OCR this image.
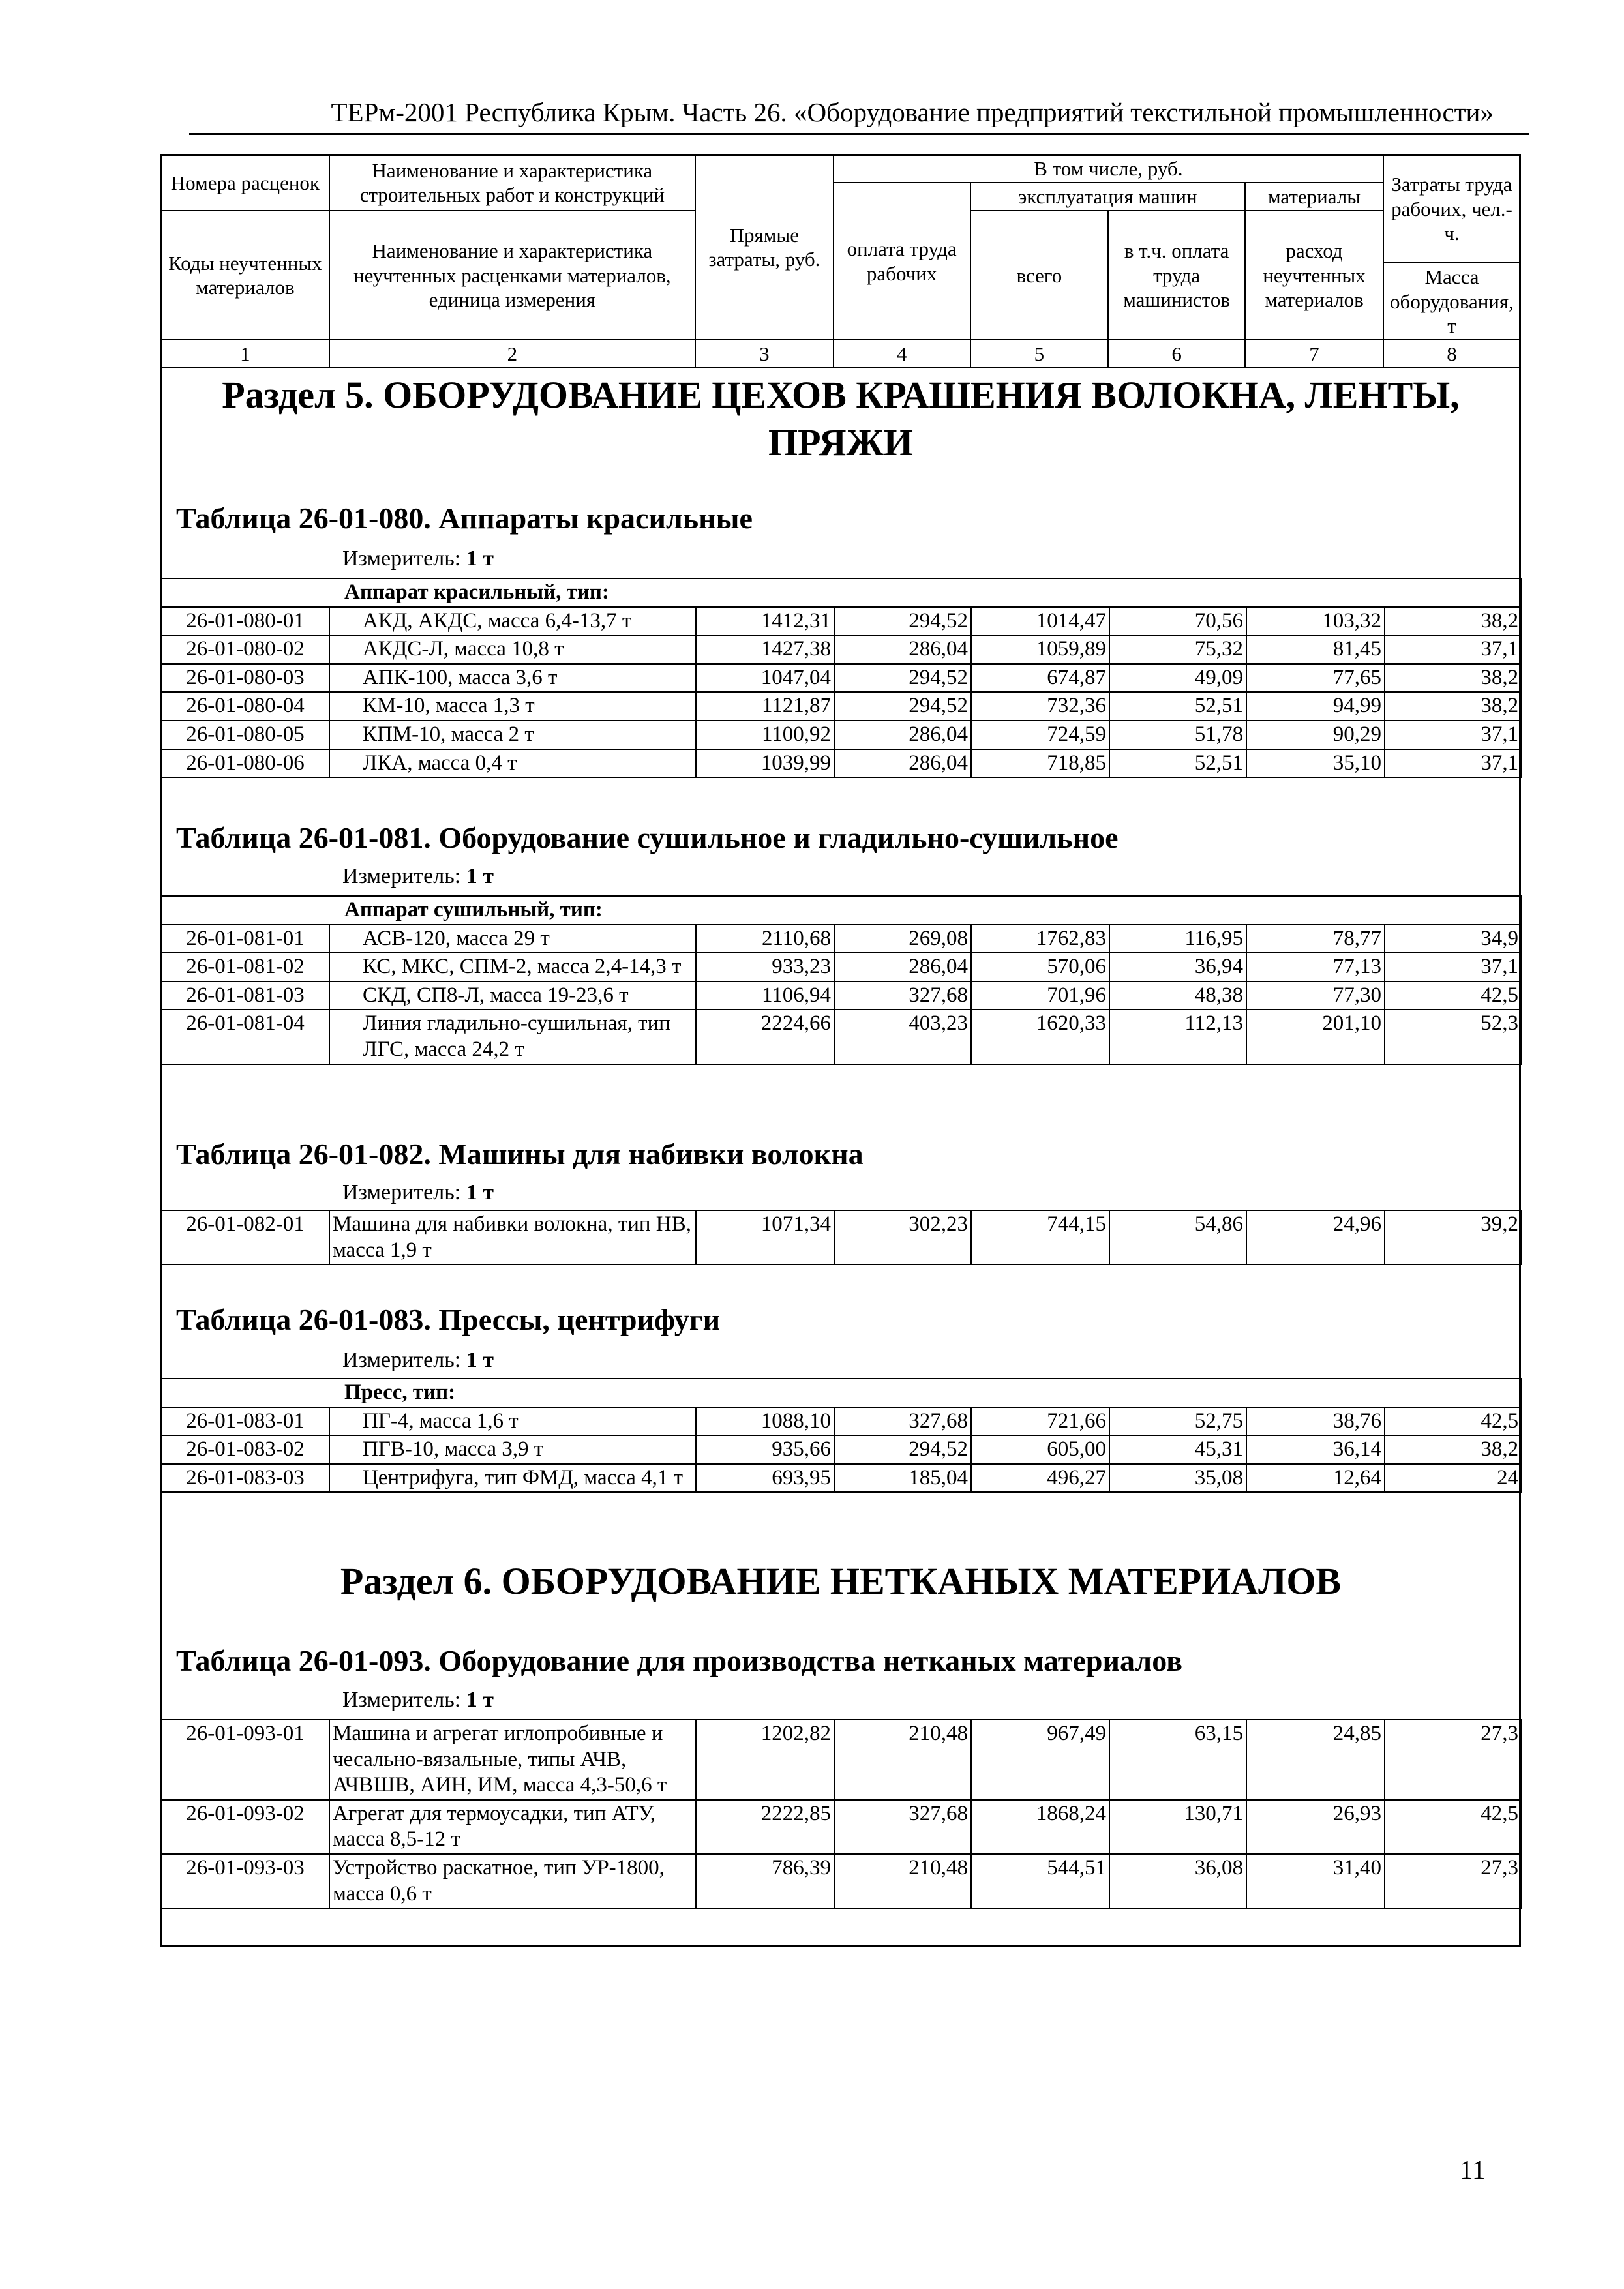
ТЕРм-2001 Республика Крым. Часть 26. «Оборудование предприятий текстильной промышленности»
Номера расценок	Наименование и характеристика строительных работ и конструкций	Прямые затраты, руб.	В том числе, руб.				Затраты труда рабочих, чел.-ч.
			оплата труда рабочих	эксплуатация машин		материалы	
Коды неучтенных материалов	Наименование и характеристика неучтенных расценками материалов, единица измерения			всего	в т.ч. оплата труда машинистов	расход неучтенных материалов	

							Масса оборудования, т
1	2	3	4	5	6	7	8
Раздел 5. ОБОРУДОВАНИЕ ЦЕХОВ КРАШЕНИЯ ВОЛОКНА, ЛЕНТЫ, ПРЯЖИ
Таблица 26-01-080. Аппараты красильные
Измеритель: 1 т
Аппарат красильный, тип:							
26-01-080-01	АКД, АКДС, масса 6,4-13,7 т	1412,31	294,52	1014,47	70,56	103,32	38,2
26-01-080-02	АКДС-Л, масса 10,8 т	1427,38	286,04	1059,89	75,32	81,45	37,1
26-01-080-03	АПК-100, масса 3,6 т	1047,04	294,52	674,87	49,09	77,65	38,2
26-01-080-04	КМ-10, масса 1,3 т	1121,87	294,52	732,36	52,51	94,99	38,2
26-01-080-05	КПМ-10, масса 2 т	1100,92	286,04	724,59	51,78	90,29	37,1
26-01-080-06	ЛКА, масса 0,4 т	1039,99	286,04	718,85	52,51	35,10	37,1
Таблица 26-01-081. Оборудование сушильное и гладильно-сушильное
Измеритель: 1 т
Аппарат сушильный, тип:							
26-01-081-01	АСВ-120, масса 29 т	2110,68	269,08	1762,83	116,95	78,77	34,9
26-01-081-02	КС, МКС, СПМ-2, масса 2,4-14,3 т	933,23	286,04	570,06	36,94	77,13	37,1
26-01-081-03	СКД, СП8-Л, масса 19-23,6 т	1106,94	327,68	701,96	48,38	77,30	42,5
26-01-081-04	Линия гладильно-сушильная, тип ЛГС, масса 24,2 т	2224,66	403,23	1620,33	112,13	201,10	52,3
Таблица 26-01-082. Машины для набивки волокна
Измеритель: 1 т
26-01-082-01	Машина для набивки волокна, тип НВ, масса 1,9 т	1071,34	302,23	744,15	54,86	24,96	39,2
Таблица 26-01-083. Прессы, центрифуги
Измеритель: 1 т
Пресс, тип:							
26-01-083-01	ПГ-4, масса 1,6 т	1088,10	327,68	721,66	52,75	38,76	42,5
26-01-083-02	ПГВ-10, масса 3,9 т	935,66	294,52	605,00	45,31	36,14	38,2
26-01-083-03	Центрифуга, тип ФМД, масса 4,1 т	693,95	185,04	496,27	35,08	12,64	24
Раздел 6. ОБОРУДОВАНИЕ НЕТКАНЫХ МАТЕРИАЛОВ
Таблица 26-01-093. Оборудование для производства нетканых материалов
Измеритель: 1 т
26-01-093-01	Машина и агрегат иглопробивные и чесально-вязальные, типы АЧВ, АЧВШВ, АИН, ИМ, масса 4,3-50,6 т	1202,82	210,48	967,49	63,15	24,85	27,3
26-01-093-02	Агрегат для термоусадки, тип АТУ, масса 8,5-12 т	2222,85	327,68	1868,24	130,71	26,93	42,5
26-01-093-03	Устройство раскатное, тип УР-1800, масса 0,6 т	786,39	210,48	544,51	36,08	31,40	27,3
11
